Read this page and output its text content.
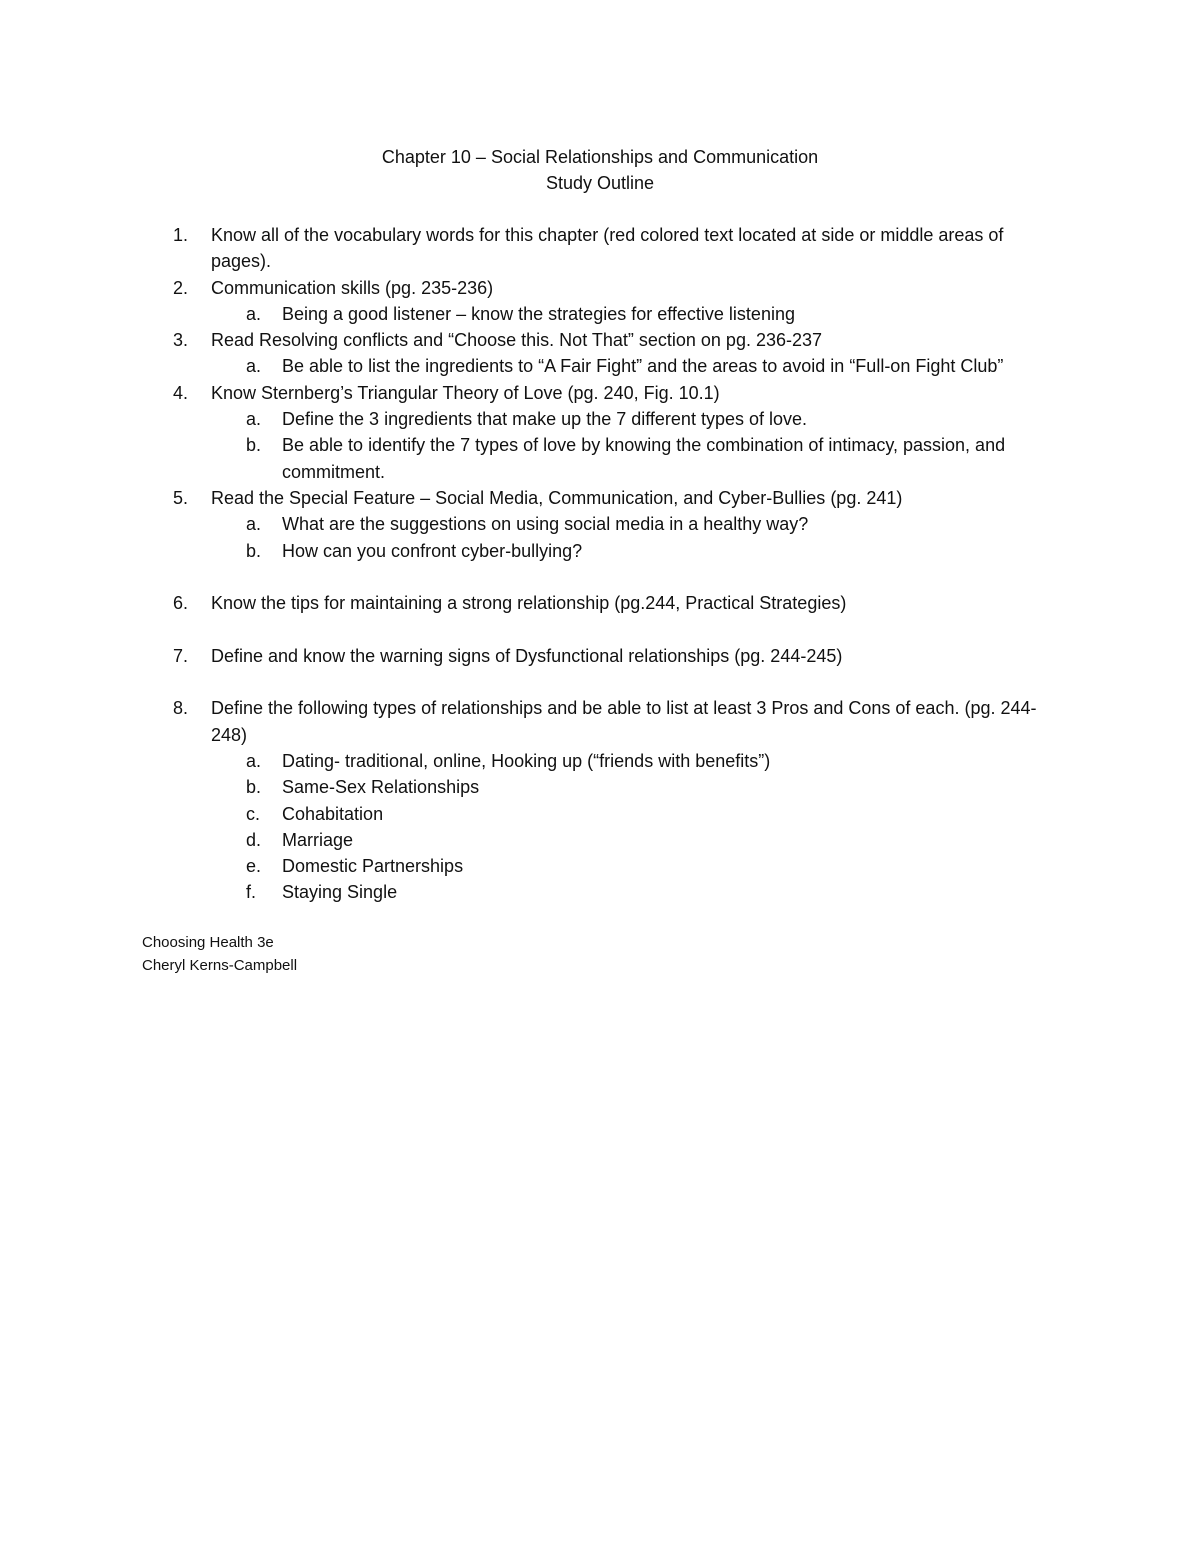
Chapter 10 – Social Relationships and Communication
Study Outline
1. Know all of the vocabulary words for this chapter (red colored text located at side or middle areas of pages).
2. Communication skills (pg. 235-236)
a. Being a good listener – know the strategies for effective listening
3. Read Resolving conflicts and “Choose this. Not That” section on pg. 236-237
a. Be able to list the ingredients to “A Fair Fight” and the areas to avoid in “Full-on Fight Club”
4. Know Sternberg’s Triangular Theory of Love (pg. 240, Fig. 10.1)
a. Define the 3 ingredients that make up the 7 different types of love.
b. Be able to identify the 7 types of love by knowing the combination of intimacy, passion, and commitment.
5. Read the Special Feature – Social Media, Communication, and Cyber-Bullies (pg. 241)
a. What are the suggestions on using social media in a healthy way?
b. How can you confront cyber-bullying?
6. Know the tips for maintaining a strong relationship (pg.244, Practical Strategies)
7. Define and know the warning signs of Dysfunctional relationships (pg. 244-245)
8. Define the following types of relationships and be able to list at least 3 Pros and Cons of each. (pg. 244-248)
a. Dating- traditional, online, Hooking up (“friends with benefits”)
b. Same-Sex Relationships
c. Cohabitation
d. Marriage
e. Domestic Partnerships
f. Staying Single
Choosing Health 3e
Cheryl Kerns-Campbell
